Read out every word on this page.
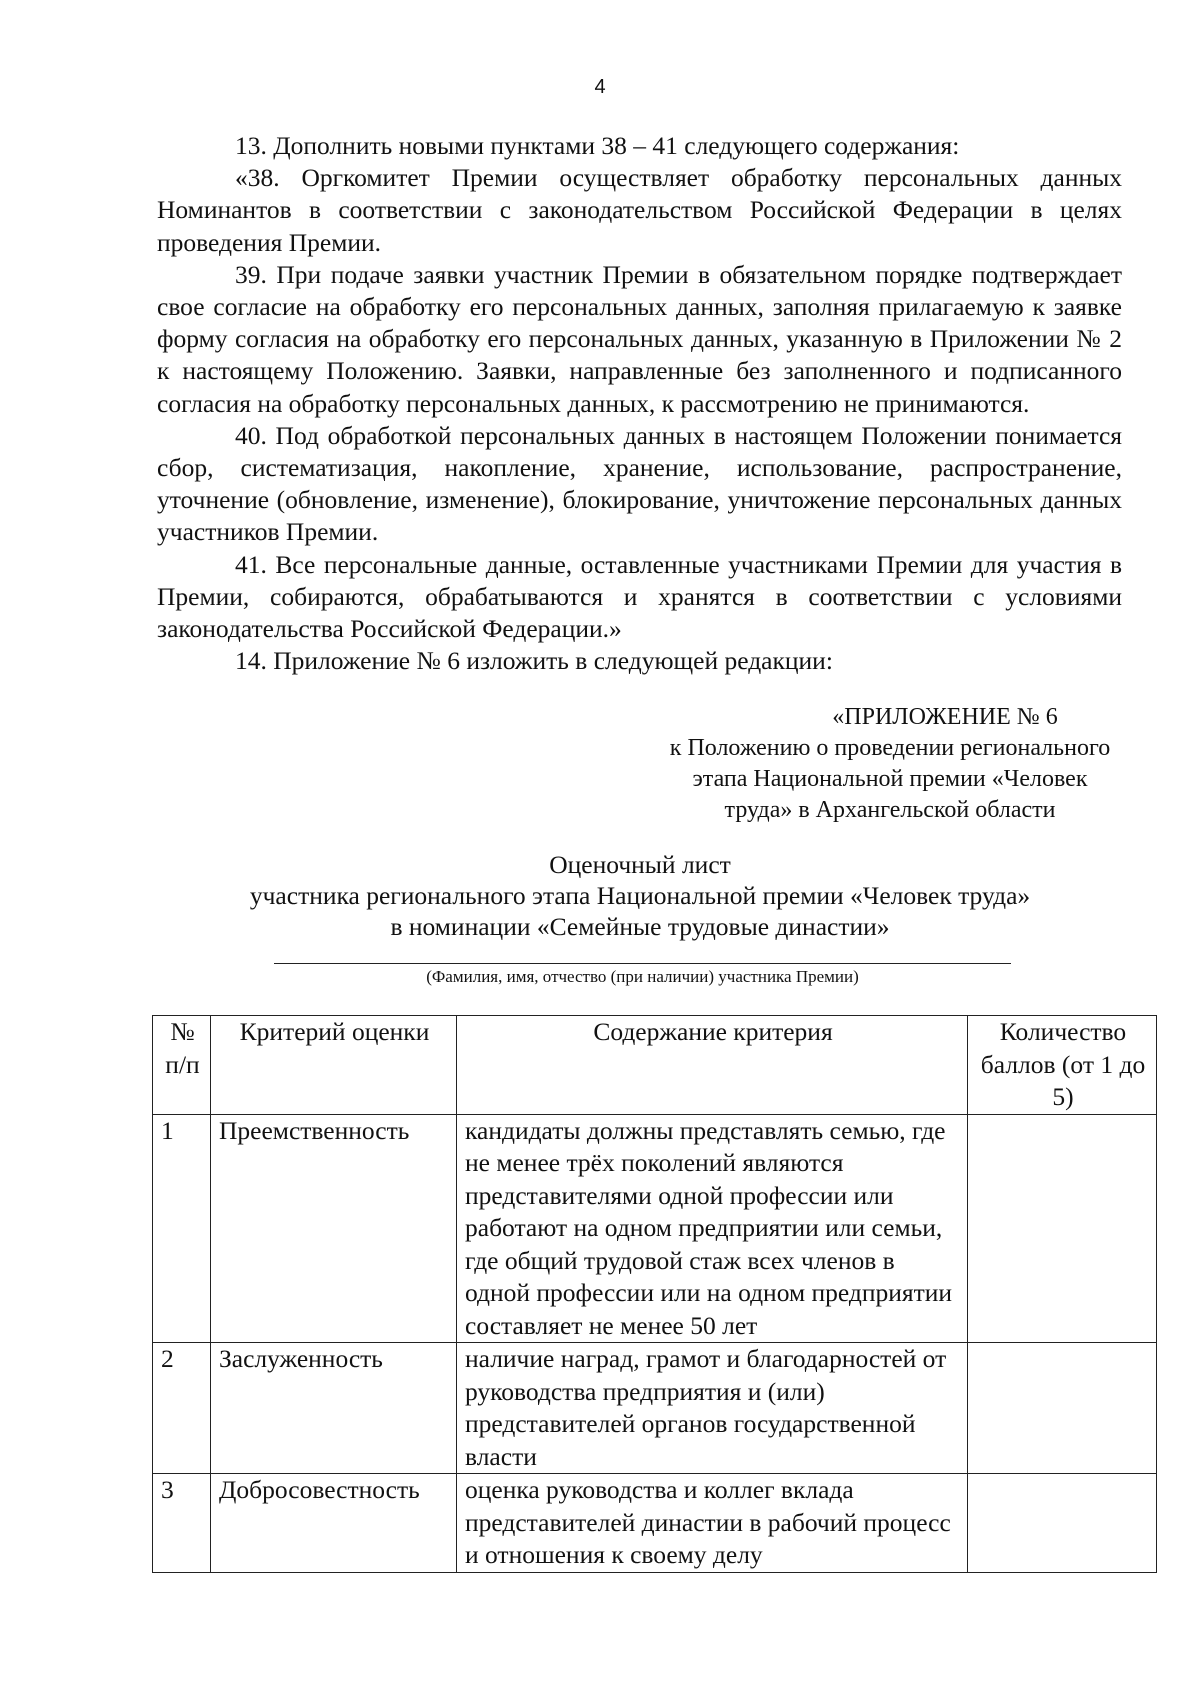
4

13. Дополнить новыми пунктами 38 – 41 следующего содержания:

«38. Оргкомитет Премии осуществляет обработку персональных данных Номинантов в соответствии с законодательством Российской Федерации в целях проведения Премии.

39. При подаче заявки участник Премии в обязательном порядке подтверждает свое согласие на обработку его персональных данных, заполняя прилагаемую к заявке форму согласия на обработку его персональных данных, указанную в Приложении № 2 к настоящему Положению. Заявки, направленные без заполненного и подписанного согласия на обработку персональных данных, к рассмотрению не принимаются.

40. Под обработкой персональных данных в настоящем Положении понимается сбор, систематизация, накопление, хранение, использование, распространение, уточнение (обновление, изменение), блокирование, уничтожение персональных данных участников Премии.

41. Все персональные данные, оставленные участниками Премии для участия в Премии, собираются, обрабатываются и хранятся в соответствии с условиями законодательства Российской Федерации.»

14. Приложение № 6 изложить в следующей редакции:

«ПРИЛОЖЕНИЕ № 6
к Положению о проведении регионального
этапа Национальной премии «Человек
труда» в Архангельской области
Оценочный лист
участника регионального этапа Национальной премии «Человек труда»
в номинации «Семейные трудовые династии»
(Фамилия, имя, отчество (при наличии) участника Премии)
№ п/п	Критерий оценки	Содержание критерия	Количество баллов (от 1 до 5)
1	Преемственность	кандидаты должны представлять семью, где не менее трёх поколений являются представителями одной профессии или работают на одном предприятии или семьи, где общий трудовой стаж всех членов в одной профессии или на одном предприятии составляет не менее 50 лет	
2	Заслуженность	наличие наград, грамот и благодарностей от руководства предприятия и (или) представителей органов государственной власти	
3	Добросовестность	оценка руководства и коллег вклада представителей династии в рабочий процесс и отношения к своему делу	
